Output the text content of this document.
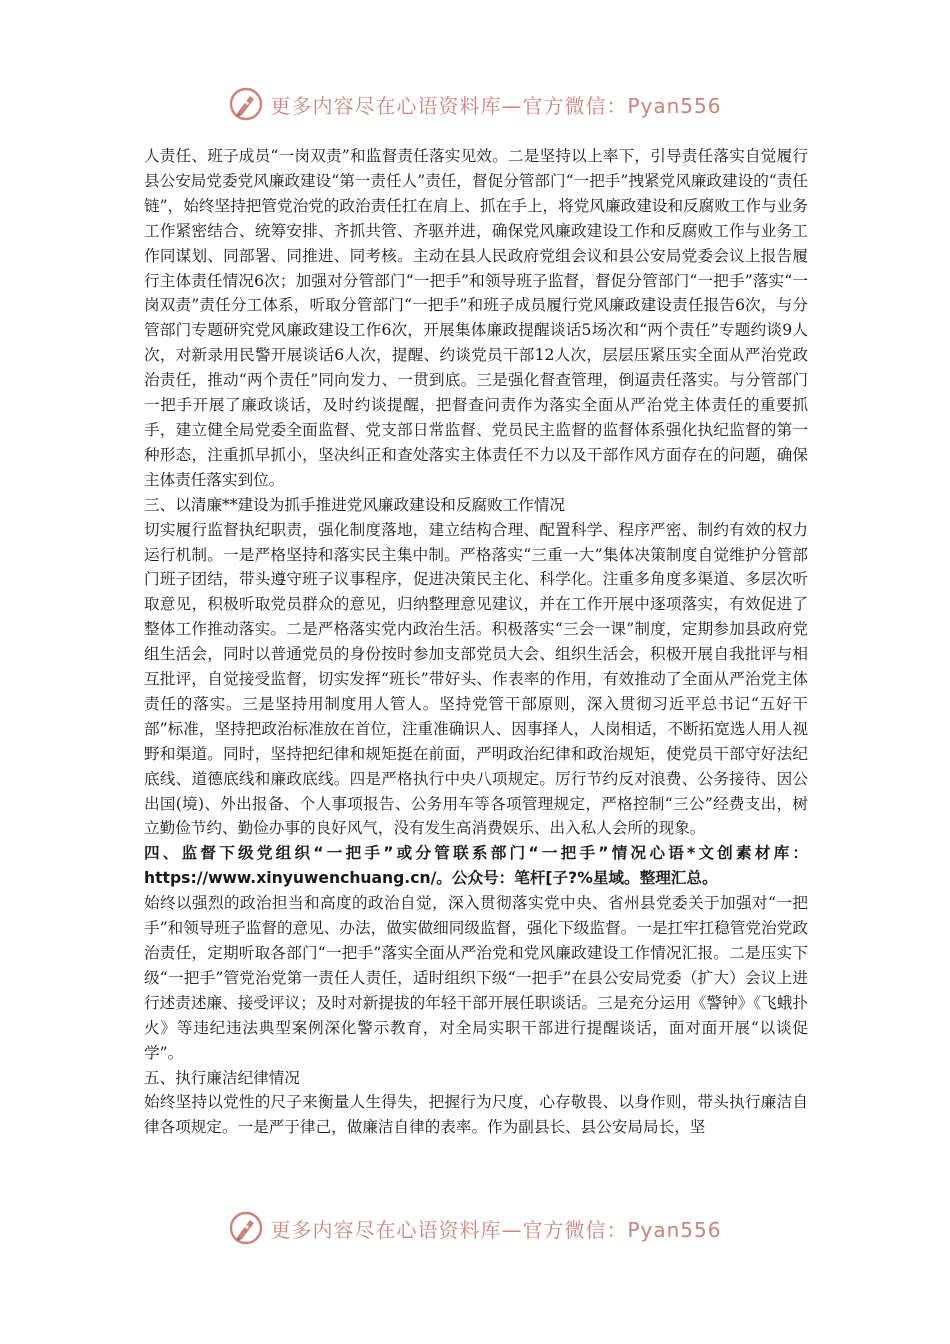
更多内容尽在心语资料库—官方微信：Pyan556

人责任、班子成员“一岗双责”和监督责任落实见效。二是坚持以上率下，引导责任落实自觉履行县公安局党委党风廉政建设“第一责任人”责任，督促分管部门“一把手”拽紧党风廉政建设的“责任链”，始终坚持把管党治党的政治责任扛在肩上、抓在手上，将党风廉政建设和反腐败工作与业务工作紧密结合、统筹安排、齐抓共管、齐驱并进，确保党风廉政建设工作和反腐败工作与业务工作同谋划、同部署、同推进、同考核。主动在县人民政府党组会议和县公安局党委会议上报告履行主体责任情况6次；加强对分管部门“一把手”和领导班子监督，督促分管部门“一把手”落实“一岗双责”责任分工体系，听取分管部门“一把手”和班子成员履行党风廉政建设责任报告6次，与分管部门专题研究党风廉政建设工作6次，开展集体廉政提醒谈话5场次和“两个责任”专题约谈9人次，对新录用民警开展谈话6人次，提醒、约谈党员干部12人次，层层压紧压实全面从严治党政治责任，推动“两个责任”同向发力、一贯到底。三是强化督查管理，倒逼责任落实。与分管部门一把手开展了廉政谈话，及时约谈提醒，把督查问责作为落实全面从严治党主体责任的重要抓手，建立健全局党委全面监督、党支部日常监督、党员民主监督的监督体系强化执纪监督的第一种形态，注重抓早抓小，坚决纠正和查处落实主体责任不力以及干部作风方面存在的问题，确保主体责任落实到位。

三、以清廉**建设为抓手推进党风廉政建设和反腐败工作情况

切实履行监督执纪职责，强化制度落地，建立结构合理、配置科学、程序严密、制约有效的权力运行机制。一是严格坚持和落实民主集中制。严格落实“三重一大”集体决策制度自觉维护分管部门班子团结，带头遵守班子议事程序，促进决策民主化、科学化。注重多角度多渠道、多层次听取意见，积极听取党员群众的意见，归纳整理意见建议，并在工作开展中逐项落实，有效促进了整体工作推动落实。二是严格落实党内政治生活。积极落实“三会一课”制度，定期参加县政府党组生活会，同时以普通党员的身份按时参加支部党员大会、组织生活会，积极开展自我批评与相互批评，自觉接受监督，切实发挥“班长”带好头、作表率的作用，有效推动了全面从严治党主体责任的落实。三是坚持用制度用人管人。坚持党管干部原则，深入贯彻习近平总书记“五好干部”标准，坚持把政治标准放在首位，注重准确识人、因事择人，人岗相适，不断拓宽选人用人视野和渠道。同时，坚持把纪律和规矩挺在前面，严明政治纪律和政治规矩，使党员干部守好法纪底线、道德底线和廉政底线。四是严格执行中央八项规定。厉行节约反对浪费、公务接待、因公出国(境)、外出报备、个人事项报告、公务用车等各项管理规定，严格控制“三公”经费支出，树立勤俭节约、勤俭办事的良好风气，没有发生高消费娱乐、出入私人会所的现象。

四、监督下级党组织“一把手”或分管联系部门“一把手”情况心语*文创素材库：https://www.xinyuwenchuang.cn/。公众号：笔杆[子?%星域。整理汇总。

始终以强烈的政治担当和高度的政治自觉，深入贯彻落实党中央、省州县党委关于加强对“一把手”和领导班子监督的意见、办法，做实做细同级监督，强化下级监督。一是扛牢扛稳管党治党政治责任，定期听取各部门“一把手”落实全面从严治党和党风廉政建设工作情况汇报。二是压实下级“一把手”管党治党第一责任人责任，适时组织下级“一把手”在县公安局党委（扩大）会议上进行述责述廉、接受评议；及时对新提拔的年轻干部开展任职谈话。三是充分运用《警钟》《飞蛾扑火》等违纪违法典型案例深化警示教育，对全局实职干部进行提醒谈话，面对面开展“以谈促学”。

五、执行廉洁纪律情况

始终坚持以党性的尺子来衡量人生得失，把握行为尺度，心存敬畏、以身作则，带头执行廉洁自律各项规定。一是严于律己，做廉洁自律的表率。作为副县长、县公安局局长，坚

更多内容尽在心语资料库—官方微信：Pyan556
